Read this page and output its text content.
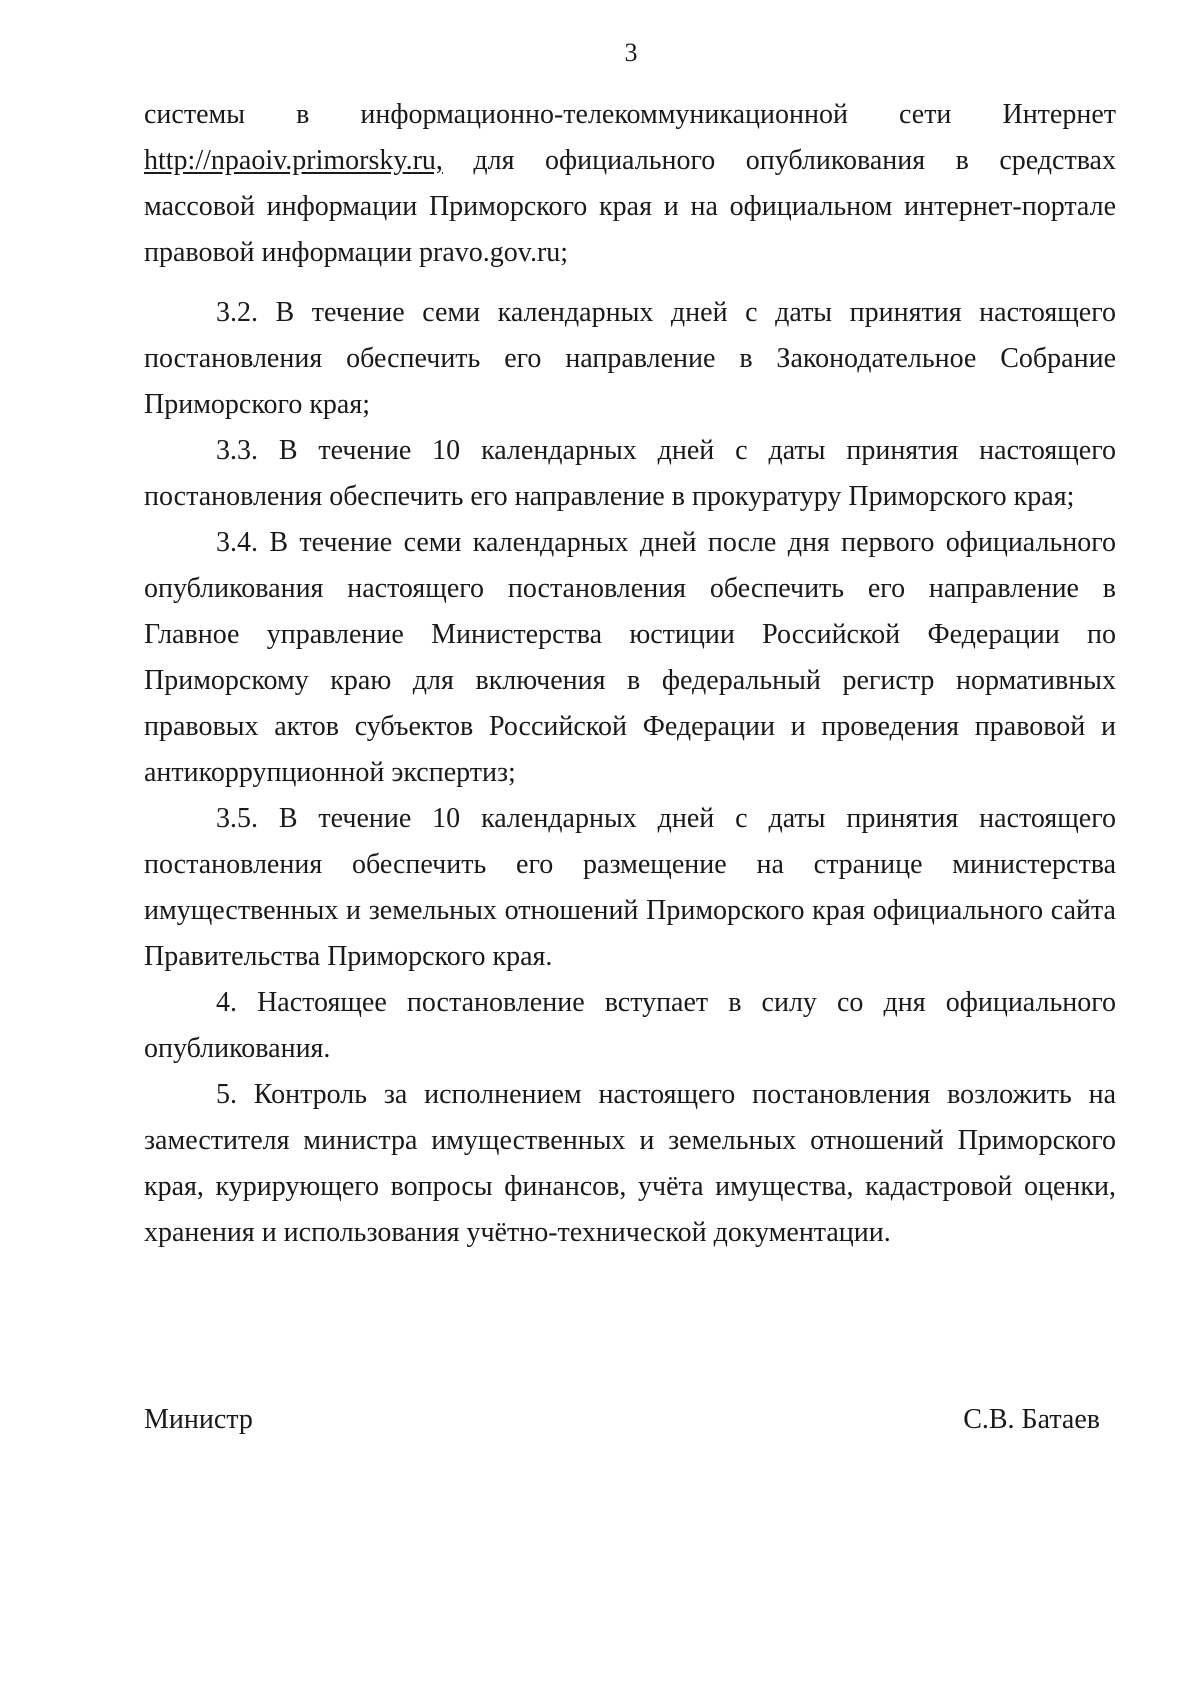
3

системы в информационно-телекоммуникационной сети Интернет http://npaoiv.primorsky.ru, для официального опубликования в средствах массовой информации Приморского края и на официальном интернет-портале правовой информации pravo.gov.ru;

3.2. В течение семи календарных дней с даты принятия настоящего постановления обеспечить его направление в Законодательное Собрание Приморского края;

3.3. В течение 10 календарных дней с даты принятия настоящего постановления обеспечить его направление в прокуратуру Приморского края;

3.4. В течение семи календарных дней после дня первого официального опубликования настоящего постановления обеспечить его направление в Главное управление Министерства юстиции Российской Федерации по Приморскому краю для включения в федеральный регистр нормативных правовых актов субъектов Российской Федерации и проведения правовой и антикоррупционной экспертиз;

3.5. В течение 10 календарных дней с даты принятия настоящего постановления обеспечить его размещение на странице министерства имущественных и земельных отношений Приморского края официального сайта Правительства Приморского края.

4. Настоящее постановление вступает в силу со дня официального опубликования.

5. Контроль за исполнением настоящего постановления возложить на заместителя министра имущественных и земельных отношений Приморского края, курирующего вопросы финансов, учёта имущества, кадастровой оценки, хранения и использования учётно-технической документации.

Министр	С.В. Батаев
